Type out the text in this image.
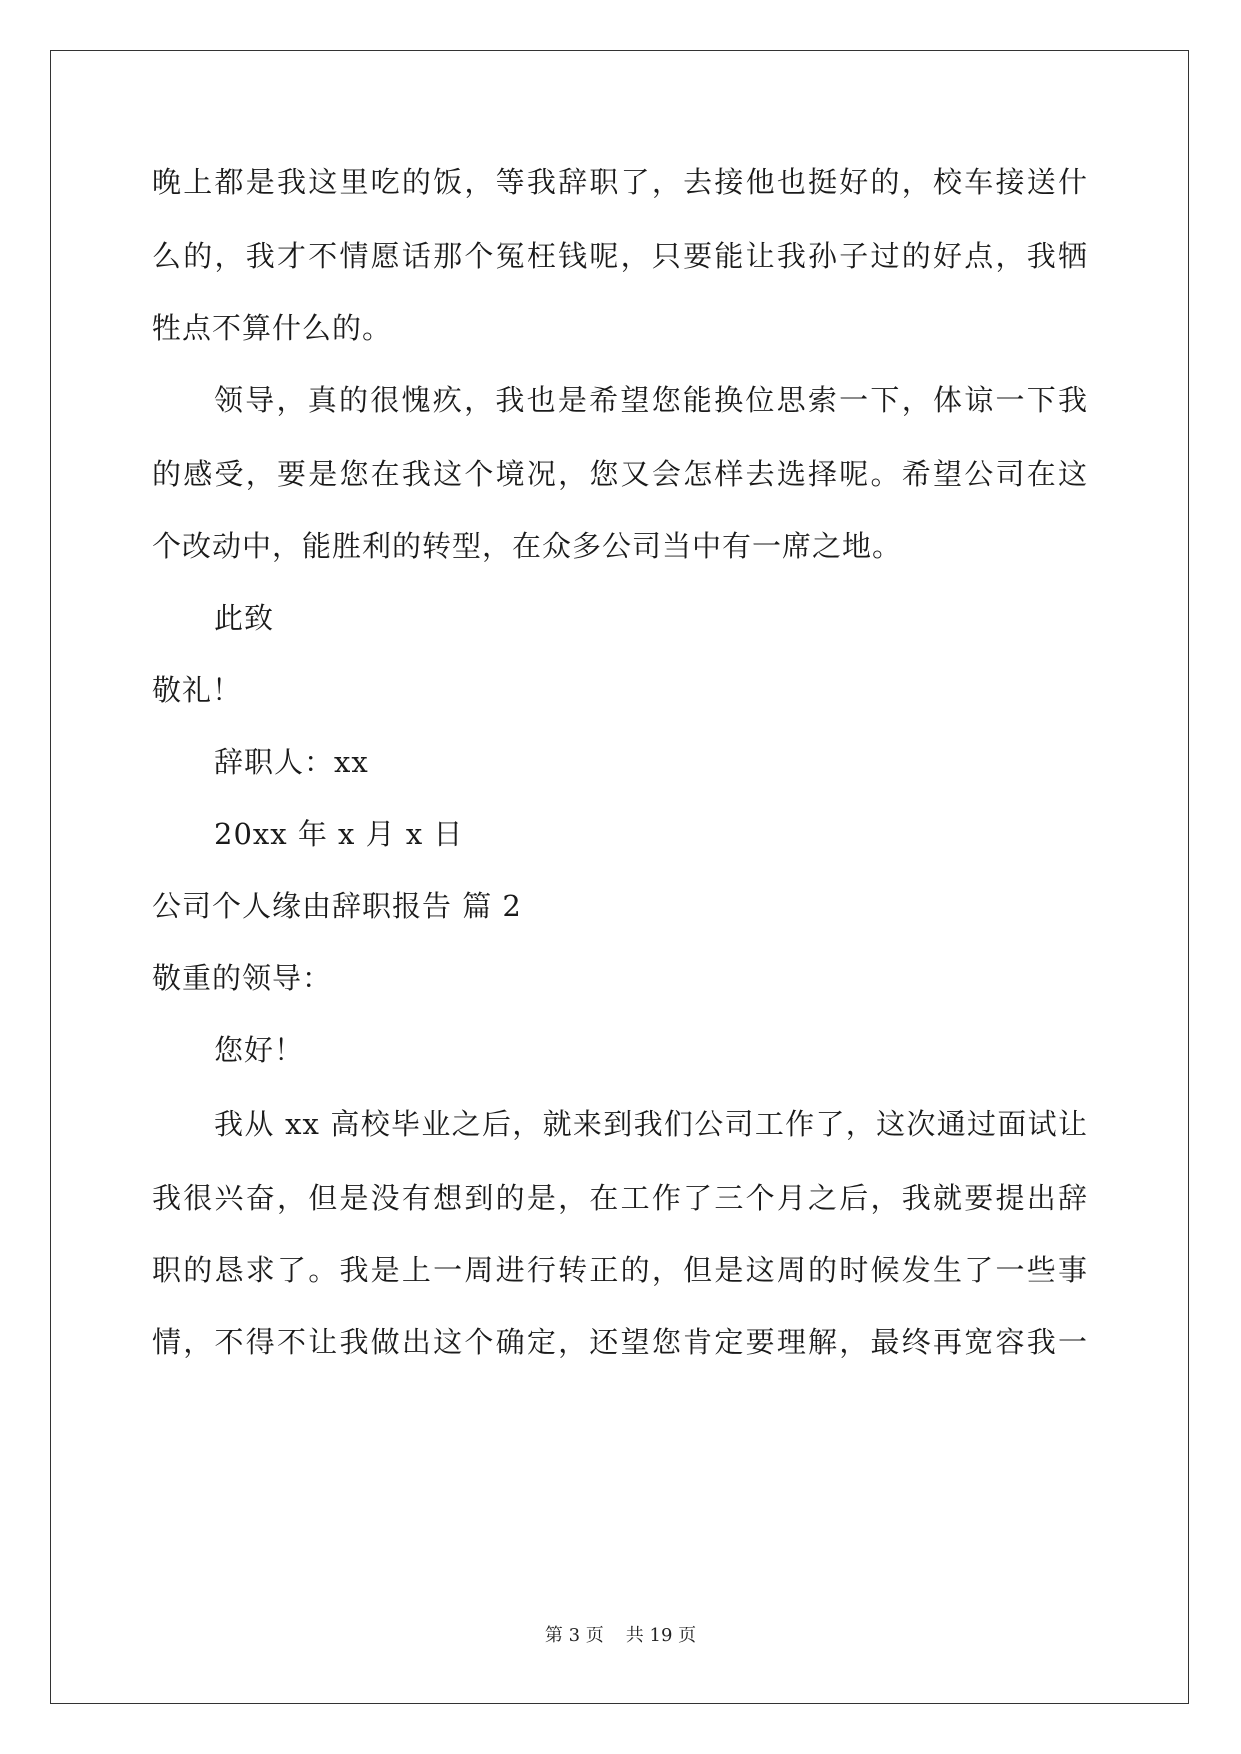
晚上都是我这里吃的饭，等我辞职了，去接他也挺好的，校车接送什
么的，我才不情愿话那个冤枉钱呢，只要能让我孙子过的好点，我牺
牲点不算什么的。
领导，真的很愧疚，我也是希望您能换位思索一下，体谅一下我
的感受，要是您在我这个境况，您又会怎样去选择呢。希望公司在这
个改动中，能胜利的转型，在众多公司当中有一席之地。
此致
敬礼！
辞职人：xx
20xx 年 x 月 x 日
公司个人缘由辞职报告 篇 2
敬重的领导：
您好！
我从 xx 高校毕业之后，就来到我们公司工作了，这次通过面试让
我很兴奋，但是没有想到的是，在工作了三个月之后，我就要提出辞
职的恳求了。我是上一周进行转正的，但是这周的时候发生了一些事
情，不得不让我做出这个确定，还望您肯定要理解，最终再宽容我一
第 3 页 共 19 页
